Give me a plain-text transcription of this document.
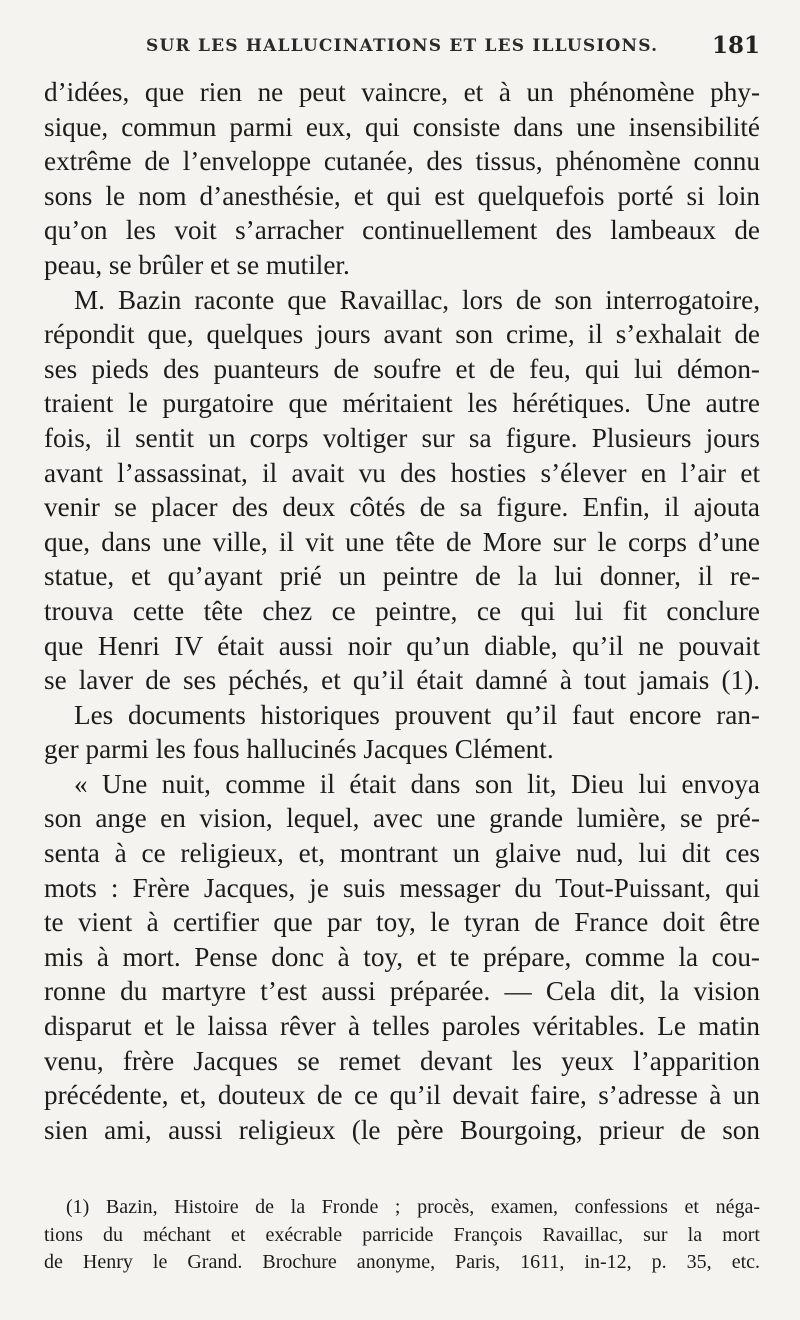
SUR LES HALLUCINATIONS ET LES ILLUSIONS. 181
d’idées, que rien ne peut vaincre, et à un phénomène phy-
sique, commun parmi eux, qui consiste dans une insensibilité
extrême de l’enveloppe cutanée, des tissus, phénomène connu
sons le nom d’anesthésie, et qui est quelquefois porté si loin
qu’on les voit s’arracher continuellement des lambeaux de
peau, se brûler et se mutiler.
M. Bazin raconte que Ravaillac, lors de son interrogatoire,
répondit que, quelques jours avant son crime, il s’exhalait de
ses pieds des puanteurs de soufre et de feu, qui lui démon-
traient le purgatoire que méritaient les hérétiques. Une autre
fois, il sentit un corps voltiger sur sa figure. Plusieurs jours
avant l’assassinat, il avait vu des hosties s’élever en l’air et
venir se placer des deux côtés de sa figure. Enfin, il ajouta
que, dans une ville, il vit une tête de More sur le corps d’une
statue, et qu’ayant prié un peintre de la lui donner, il re-
trouva cette tête chez ce peintre, ce qui lui fit conclure
que Henri IV était aussi noir qu’un diable, qu’il ne pouvait
se laver de ses péchés, et qu’il était damné à tout jamais (1).
Les documents historiques prouvent qu’il faut encore ran-
ger parmi les fous hallucinés Jacques Clément.
« Une nuit, comme il était dans son lit, Dieu lui envoya
son ange en vision, lequel, avec une grande lumière, se pré-
senta à ce religieux, et, montrant un glaive nud, lui dit ces
mots : Frère Jacques, je suis messager du Tout-Puissant, qui
te vient à certifier que par toy, le tyran de France doit être
mis à mort. Pense donc à toy, et te prépare, comme la cou-
ronne du martyre t’est aussi préparée. — Cela dit, la vision
disparut et le laissa rêver à telles paroles véritables. Le matin
venu, frère Jacques se remet devant les yeux l’apparition
précédente, et, douteux de ce qu’il devait faire, s’adresse à un
sien ami, aussi religieux (le père Bourgoing, prieur de son
(1) Bazin, Histoire de la Fronde ; procès, examen, confessions et néga-
tions du méchant et exécrable parricide François Ravaillac, sur la mort
de Henry le Grand. Brochure anonyme, Paris, 1611, in-12, p. 35, etc.
